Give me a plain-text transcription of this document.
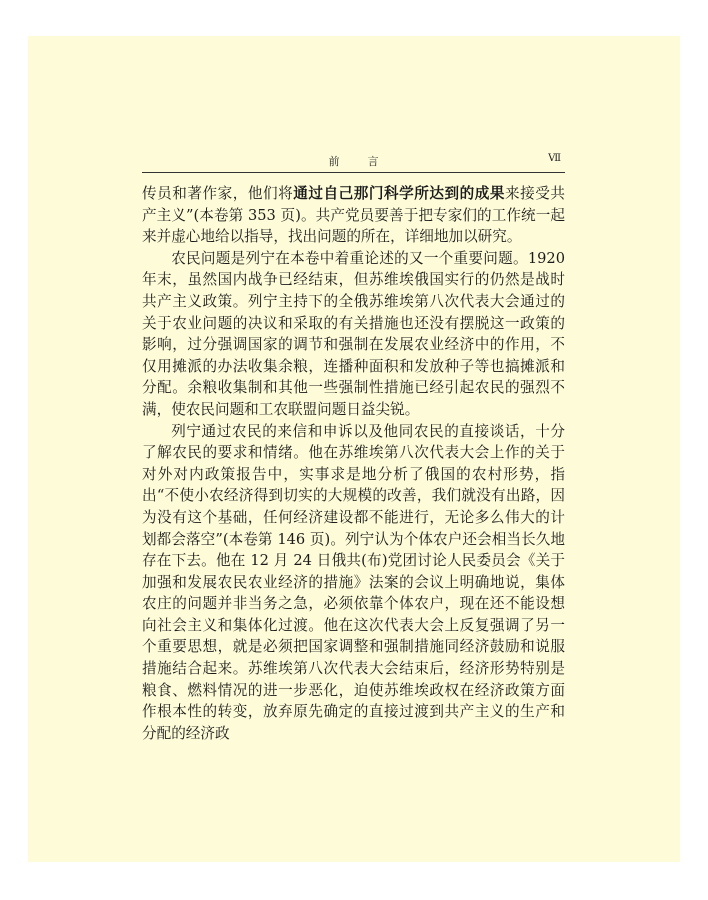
前	言	Ⅶ

传员和著作家，他们将通过自己那门科学所达到的成果来接受共产主义”(本卷第 353 页)。共产党员要善于把专家们的工作统一起来并虚心地给以指导，找出问题的所在，详细地加以研究。

农民问题是列宁在本卷中着重论述的又一个重要问题。1920年末，虽然国内战争已经结束，但苏维埃俄国实行的仍然是战时共产主义政策。列宁主持下的全俄苏维埃第八次代表大会通过的关于农业问题的决议和采取的有关措施也还没有摆脱这一政策的影响，过分强调国家的调节和强制在发展农业经济中的作用，不仅用摊派的办法收集余粮，连播种面积和发放种子等也搞摊派和分配。余粮收集制和其他一些强制性措施已经引起农民的强烈不满，使农民问题和工农联盟问题日益尖锐。

列宁通过农民的来信和申诉以及他同农民的直接谈话，十分了解农民的要求和情绪。他在苏维埃第八次代表大会上作的关于对外对内政策报告中，实事求是地分析了俄国的农村形势，指出“不使小农经济得到切实的大规模的改善，我们就没有出路，因为没有这个基础，任何经济建设都不能进行，无论多么伟大的计划都会落空”(本卷第 146 页)。列宁认为个体农户还会相当长久地存在下去。他在 12 月 24 日俄共(布)党团讨论人民委员会《关于加强和发展农民农业经济的措施》法案的会议上明确地说，集体农庄的问题并非当务之急，必须依靠个体农户，现在还不能设想向社会主义和集体化过渡。他在这次代表大会上反复强调了另一个重要思想，就是必须把国家调整和强制措施同经济鼓励和说服措施结合起来。苏维埃第八次代表大会结束后，经济形势特别是粮食、燃料情况的进一步恶化，迫使苏维埃政权在经济政策方面作根本性的转变，放弃原先确定的直接过渡到共产主义的生产和分配的经济政
